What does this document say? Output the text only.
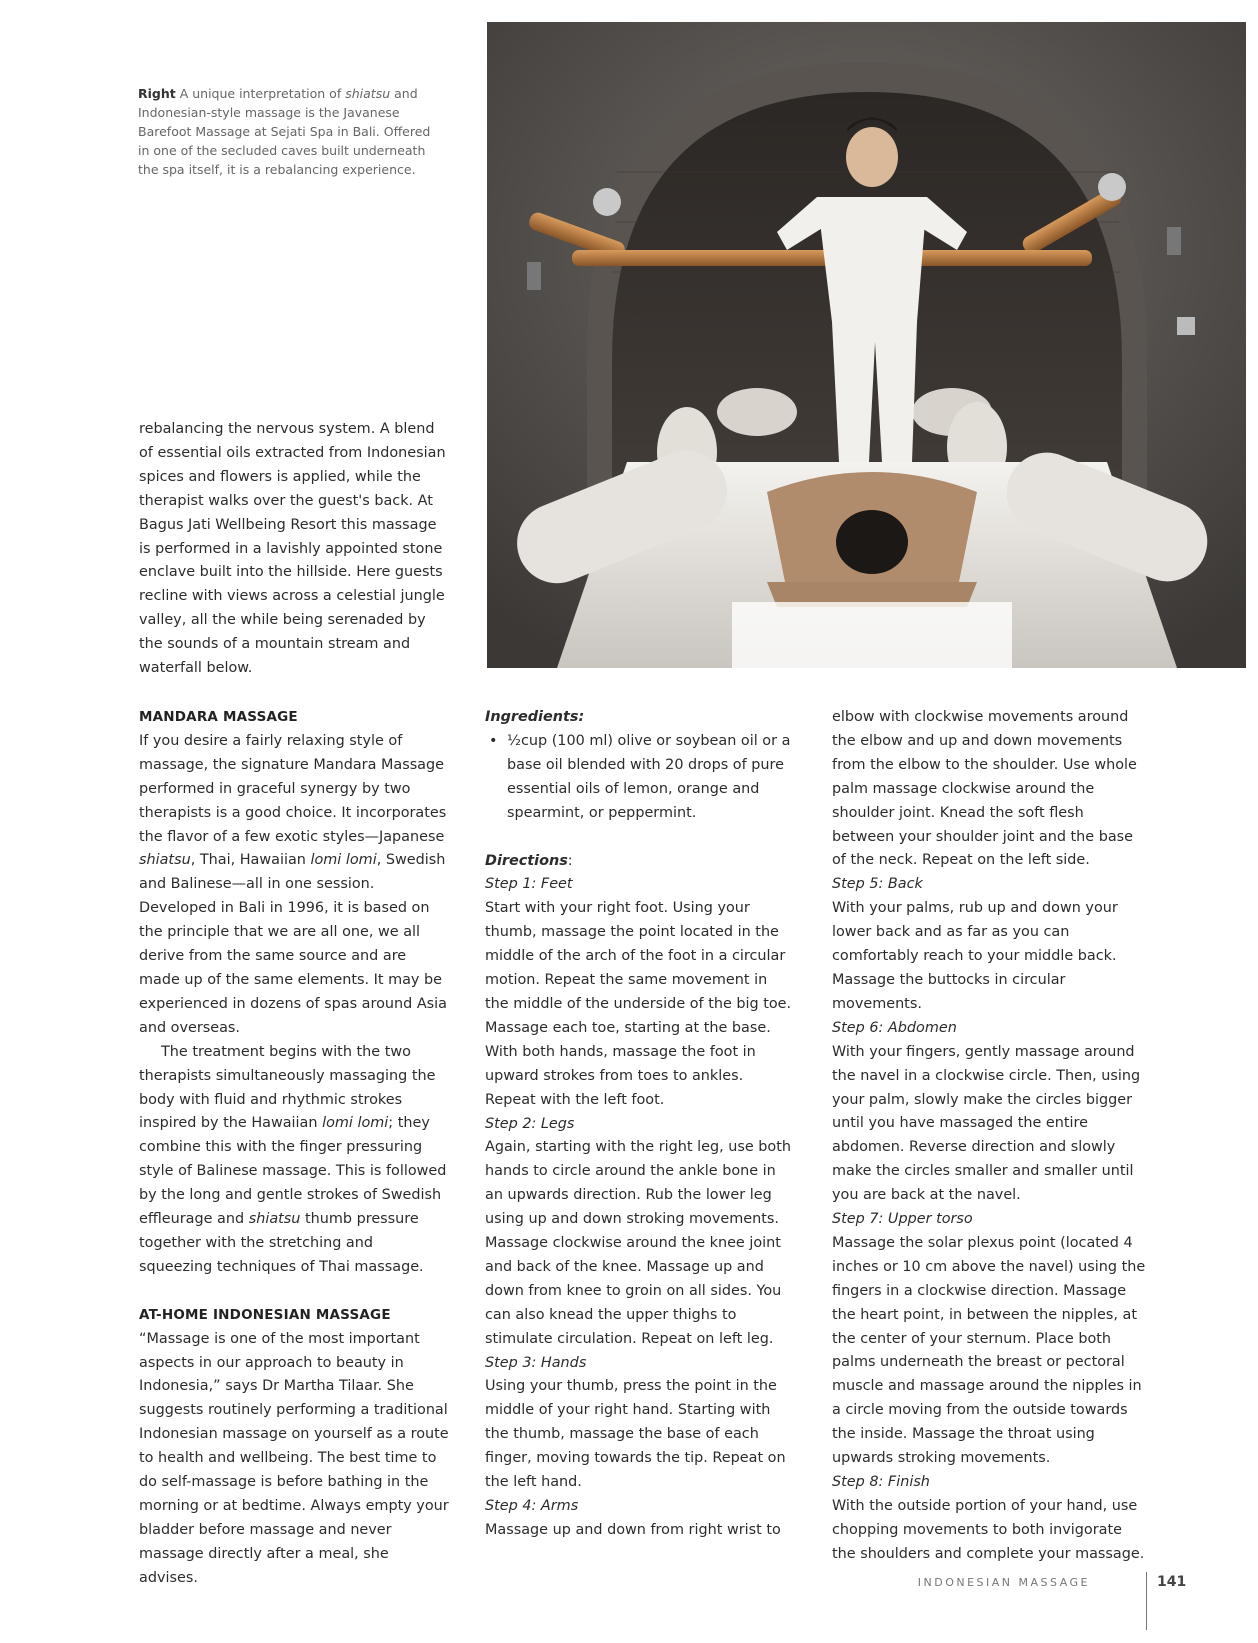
Right A unique interpretation of shiatsu and Indonesian-style massage is the Javanese Barefoot Massage at Sejati Spa in Bali. Offered in one of the secluded caves built underneath the spa itself, it is a rebalancing experience.

rebalancing the nervous system. A blend of essential oils extracted from Indonesian spices and flowers is applied, while the therapist walks over the guest's back. At Bagus Jati Wellbeing Resort this massage is performed in a lavishly appointed stone enclave built into the hillside. Here guests recline with views across a celestial jungle valley, all the while being serenaded by the sounds of a mountain stream and waterfall below.

MANDARA MASSAGE

If you desire a fairly relaxing style of massage, the signature Mandara Massage performed in graceful synergy by two therapists is a good choice. It incorporates the flavor of a few exotic styles—Japanese shiatsu, Thai, Hawaiian lomi lomi, Swedish and Balinese—all in one session. Developed in Bali in 1996, it is based on the principle that we are all one, we all derive from the same source and are made up of the same elements. It may be experienced in dozens of spas around Asia and overseas.

The treatment begins with the two therapists simultaneously massaging the body with fluid and rhythmic strokes inspired by the Hawaiian lomi lomi; they combine this with the finger pressuring style of Balinese massage. This is followed by the long and gentle strokes of Swedish effleurage and shiatsu thumb pressure together with the stretching and squeezing techniques of Thai massage.

AT-HOME INDONESIAN MASSAGE

“Massage is one of the most important aspects in our approach to beauty in Indonesia,” says Dr Martha Tilaar. She suggests routinely performing a traditional Indonesian massage on yourself as a route to health and wellbeing. The best time to do self-massage is before bathing in the morning or at bedtime. Always empty your bladder before massage and never massage directly after a meal, she advises.

Ingredients:
• ½cup (100 ml) olive or soybean oil or a base oil blended with 20 drops of pure essential oils of lemon, orange and spearmint, or peppermint.
Directions:
Step 1: Feet

Start with your right foot. Using your thumb, massage the point located in the middle of the arch of the foot in a circular motion. Repeat the same movement in the middle of the underside of the big toe. Massage each toe, starting at the base. With both hands, massage the foot in upward strokes from toes to ankles. Repeat with the left foot.

Step 2: Legs

Again, starting with the right leg, use both hands to circle around the ankle bone in an upwards direction. Rub the lower leg using up and down stroking movements. Massage clockwise around the knee joint and back of the knee. Massage up and down from knee to groin on all sides. You can also knead the upper thighs to stimulate circulation. Repeat on left leg.

Step 3: Hands

Using your thumb, press the point in the middle of your right hand. Starting with the thumb, massage the base of each finger, moving towards the tip. Repeat on the left hand.

Step 4: Arms

Massage up and down from right wrist to

elbow with clockwise movements around the elbow and up and down movements from the elbow to the shoulder. Use whole palm massage clockwise around the shoulder joint. Knead the soft flesh between your shoulder joint and the base of the neck. Repeat on the left side.

Step 5: Back

With your palms, rub up and down your lower back and as far as you can comfortably reach to your middle back. Massage the buttocks in circular movements.

Step 6: Abdomen

With your fingers, gently massage around the navel in a clockwise circle. Then, using your palm, slowly make the circles bigger until you have massaged the entire abdomen. Reverse direction and slowly make the circles smaller and smaller until you are back at the navel.

Step 7: Upper torso

Massage the solar plexus point (located 4 inches or 10 cm above the navel) using the fingers in a clockwise direction. Massage the heart point, in between the nipples, at the center of your sternum. Place both palms underneath the breast or pectoral muscle and massage around the nipples in a circle moving from the outside towards the inside. Massage the throat using upwards stroking movements.

Step 8: Finish

With the outside portion of your hand, use chopping movements to both invigorate the shoulders and complete your massage.

INDONESIAN MASSAGE	141
